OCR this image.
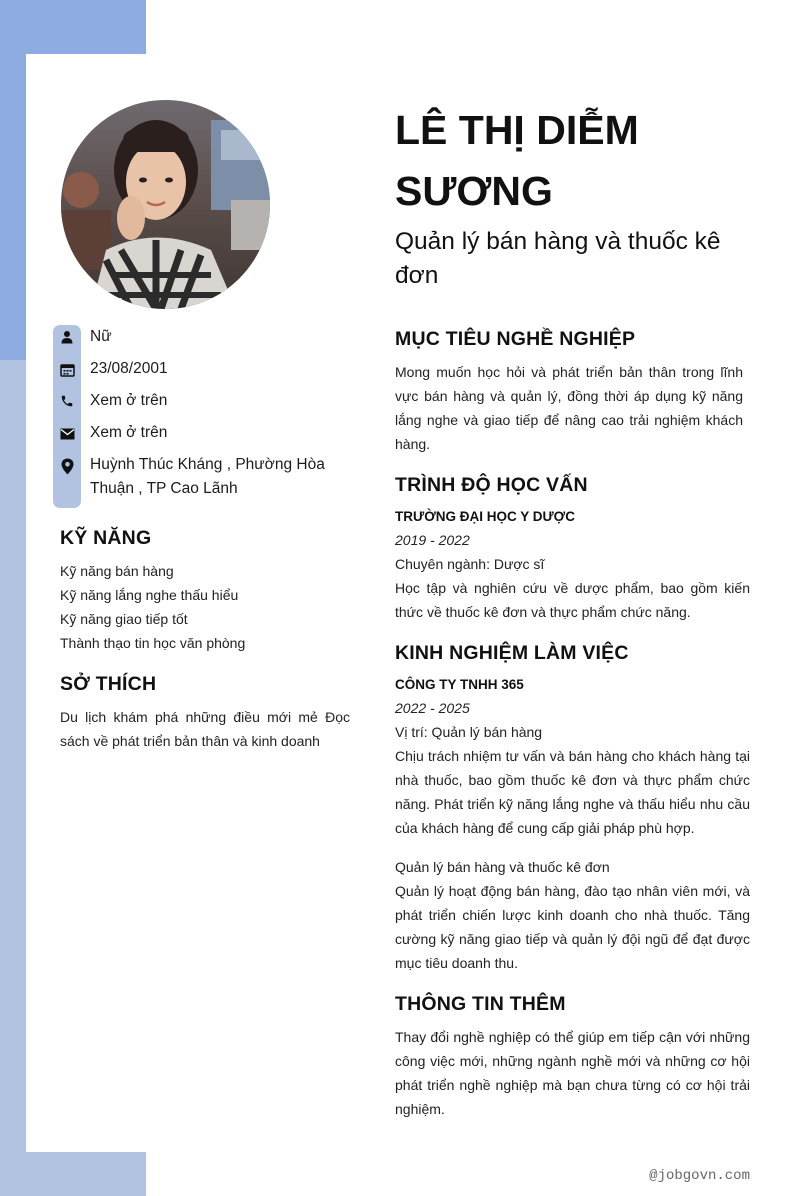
Nữ
23/08/2001
Xem ở trên
Xem ở trên
Huỳnh Thúc Kháng , Phường Hòa Thuận , TP Cao Lãnh
KỸ NĂNG
Kỹ năng bán hàng
Kỹ năng lắng nghe thấu hiểu
Kỹ năng giao tiếp tốt
Thành thạo tin học văn phòng
SỞ THÍCH
Du lịch khám phá những điều mới mẻ Đọc sách về phát triển bản thân và kinh doanh
LÊ THỊ DIỄM SƯƠNG
Quản lý bán hàng và thuốc kê đơn
MỤC TIÊU NGHỀ NGHIỆP
Mong muốn học hỏi và phát triển bản thân trong lĩnh vực bán hàng và quản lý, đồng thời áp dụng kỹ năng lắng nghe và giao tiếp để nâng cao trải nghiệm khách hàng.
TRÌNH ĐỘ HỌC VẤN
TRƯỜNG ĐẠI HỌC Y DƯỢC
2019 - 2022
Chuyên ngành: Dược sĩ
Học tập và nghiên cứu về dược phẩm, bao gồm kiến thức về thuốc kê đơn và thực phẩm chức năng.
KINH NGHIỆM LÀM VIỆC
CÔNG TY TNHH 365
2022 - 2025
Vị trí: Quản lý bán hàng
Chịu trách nhiệm tư vấn và bán hàng cho khách hàng tại nhà thuốc, bao gồm thuốc kê đơn và thực phẩm chức năng. Phát triển kỹ năng lắng nghe và thấu hiểu nhu cầu của khách hàng để cung cấp giải pháp phù hợp.
Quản lý bán hàng và thuốc kê đơn
Quản lý hoạt động bán hàng, đào tạo nhân viên mới, và phát triển chiến lược kinh doanh cho nhà thuốc. Tăng cường kỹ năng giao tiếp và quản lý đội ngũ để đạt được mục tiêu doanh thu.
THÔNG TIN THÊM
Thay đổi nghề nghiệp có thể giúp em tiếp cận với những công việc mới, những ngành nghề mới và những cơ hội phát triển nghề nghiệp mà bạn chưa từng có cơ hội trải nghiệm.
@jobgovn.com
